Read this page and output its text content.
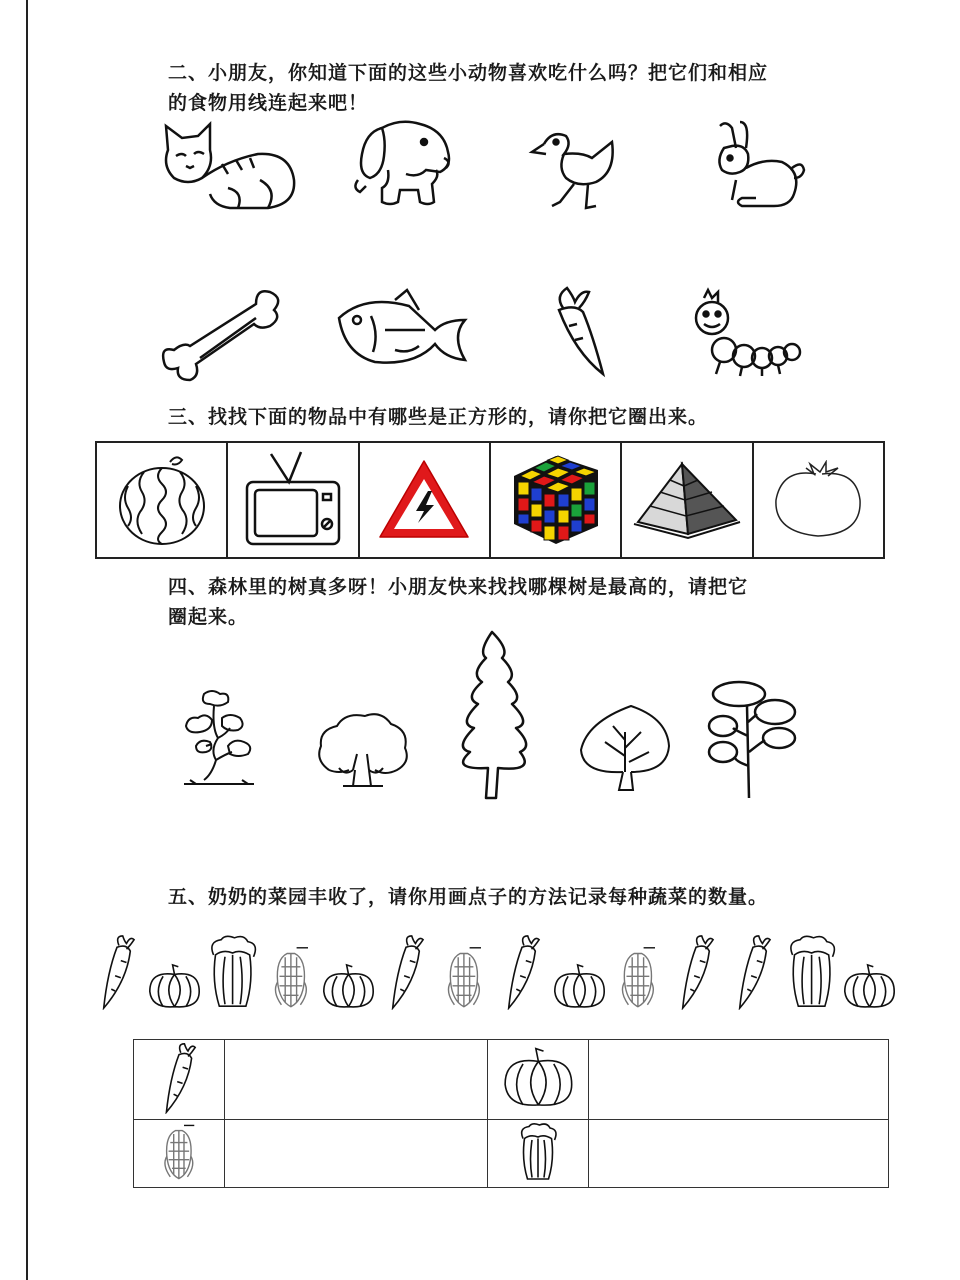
二、小朋友，你知道下面的这些小动物喜欢吃什么吗？把它们和相应
的食物用线连起来吧！
三、找找下面的物品中有哪些是正方形的，请你把它圈出来。
四、森林里的树真多呀！小朋友快来找找哪棵树是最高的，请把它
圈起来。
五、奶奶的菜园丰收了，请你用画点子的方法记录每种蔬菜的数量。
